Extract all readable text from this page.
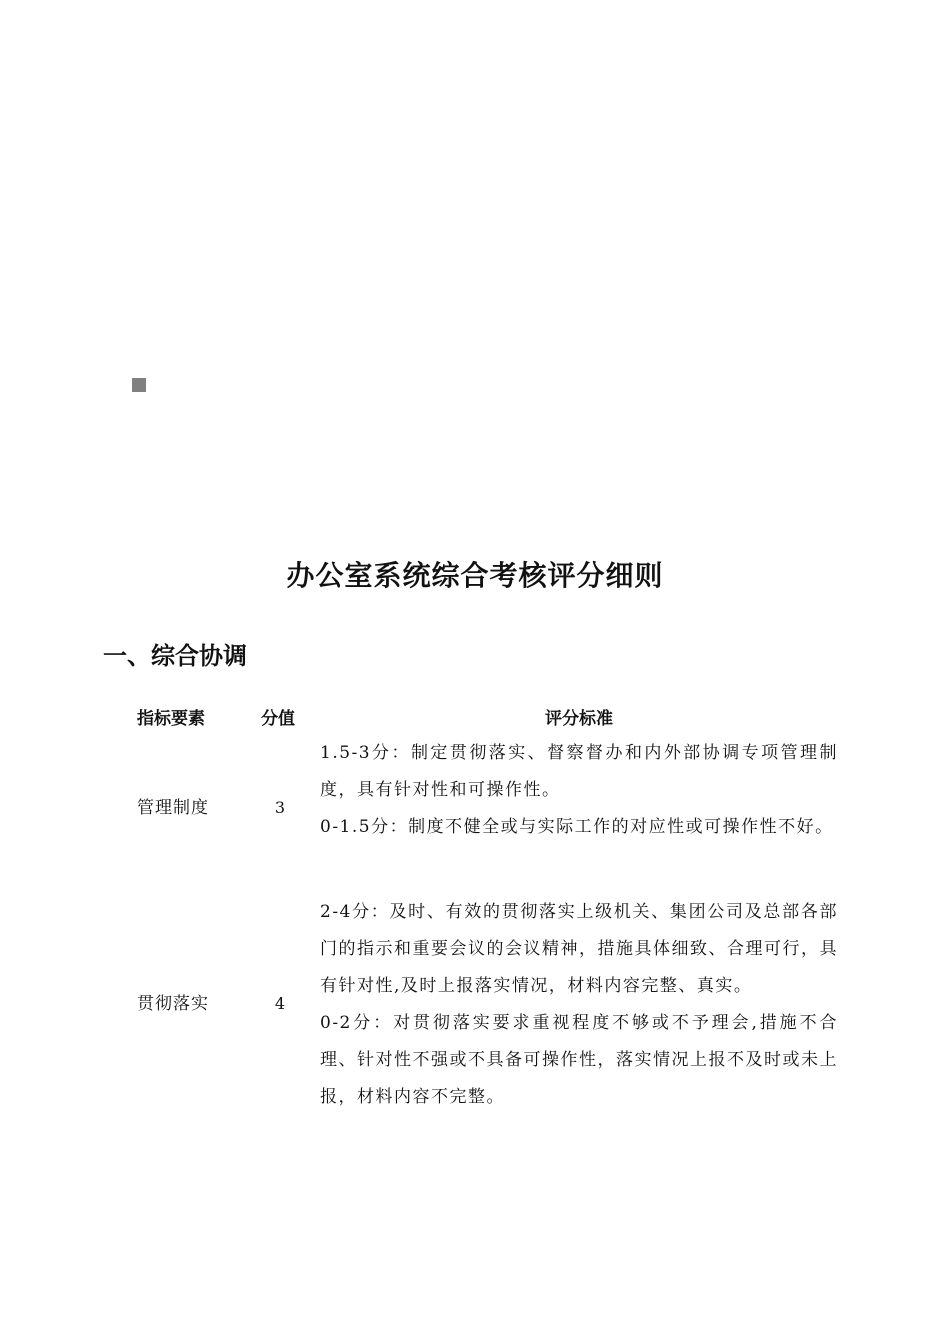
办公室系统综合考核评分细则
一、综合协调
指标要素	分值	评分标准
管理制度	3

1.5-3分：制定贯彻落实、督察督办和内外部协调专项管理制度，具有针对性和可操作性。

0-1.5分：制度不健全或与实际工作的对应性或可操作性不好。

贯彻落实	4

2-4分：及时、有效的贯彻落实上级机关、集团公司及总部各部门的指示和重要会议的会议精神，措施具体细致、合理可行，具有针对性,及时上报落实情况，材料内容完整、真实。

0-2分：对贯彻落实要求重视程度不够或不予理会,措施不合理、针对性不强或不具备可操作性，落实情况上报不及时或未上报，材料内容不完整。
